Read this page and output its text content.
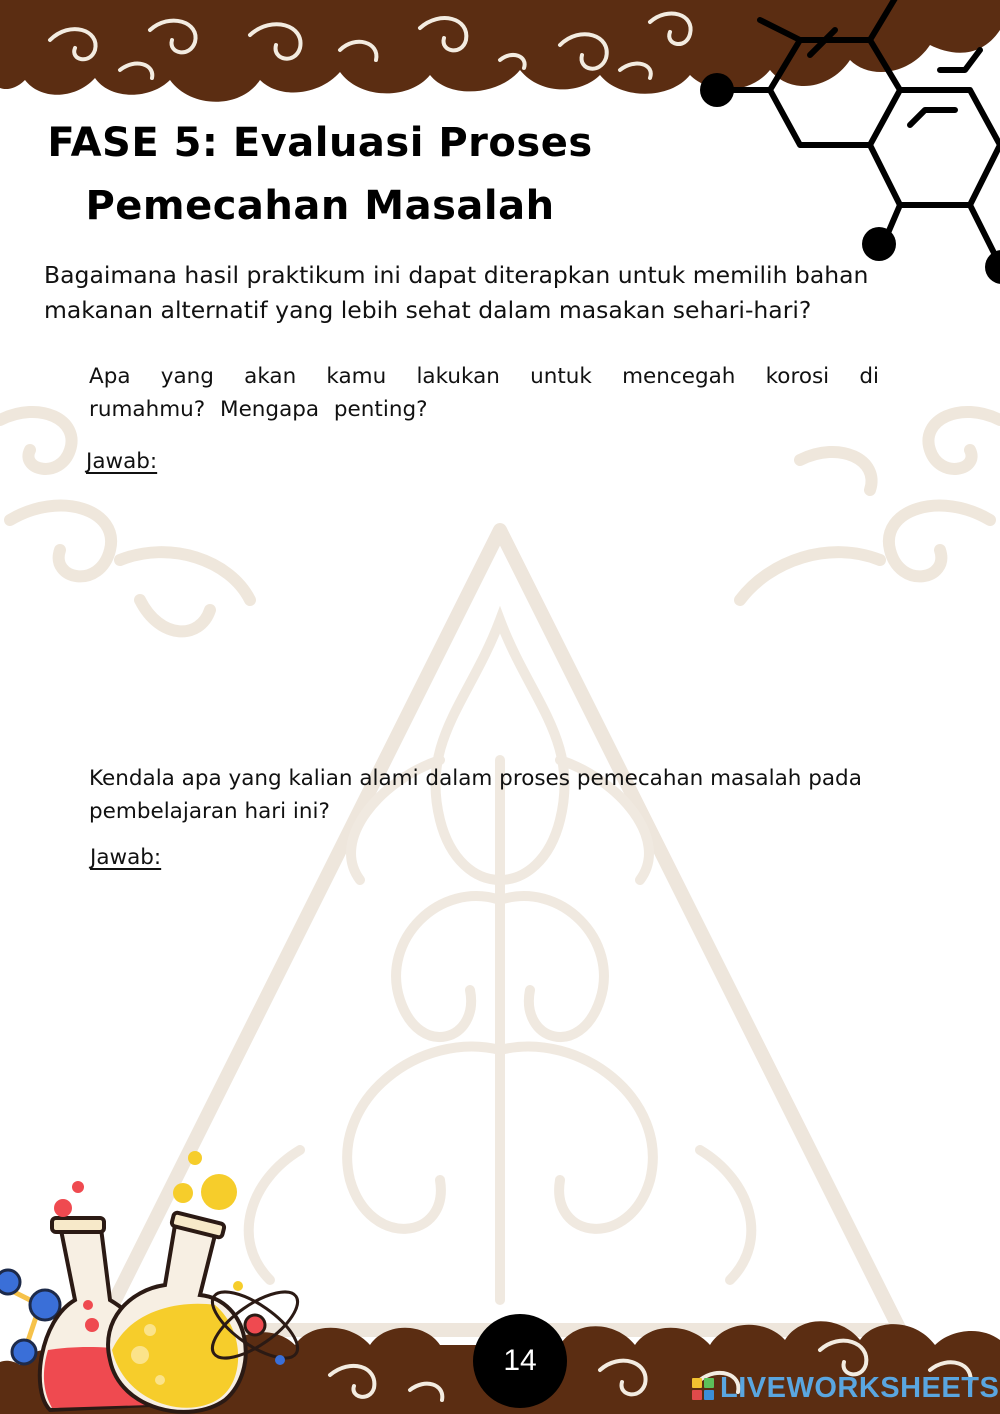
FASE 5: Evaluasi Proses
Pemecahan Masalah

Bagaimana hasil praktikum ini dapat diterapkan untuk memilih bahan makanan alternatif yang lebih sehat dalam masakan sehari-hari?

Apa yang akan kamu lakukan untuk mencegah korosi di rumahmu? Mengapa penting?

Jawab:

Kendala apa yang kalian alami dalam proses pemecahan masalah pada pembelajaran hari ini?

Jawab:

14
LIVEWORKSHEETS
